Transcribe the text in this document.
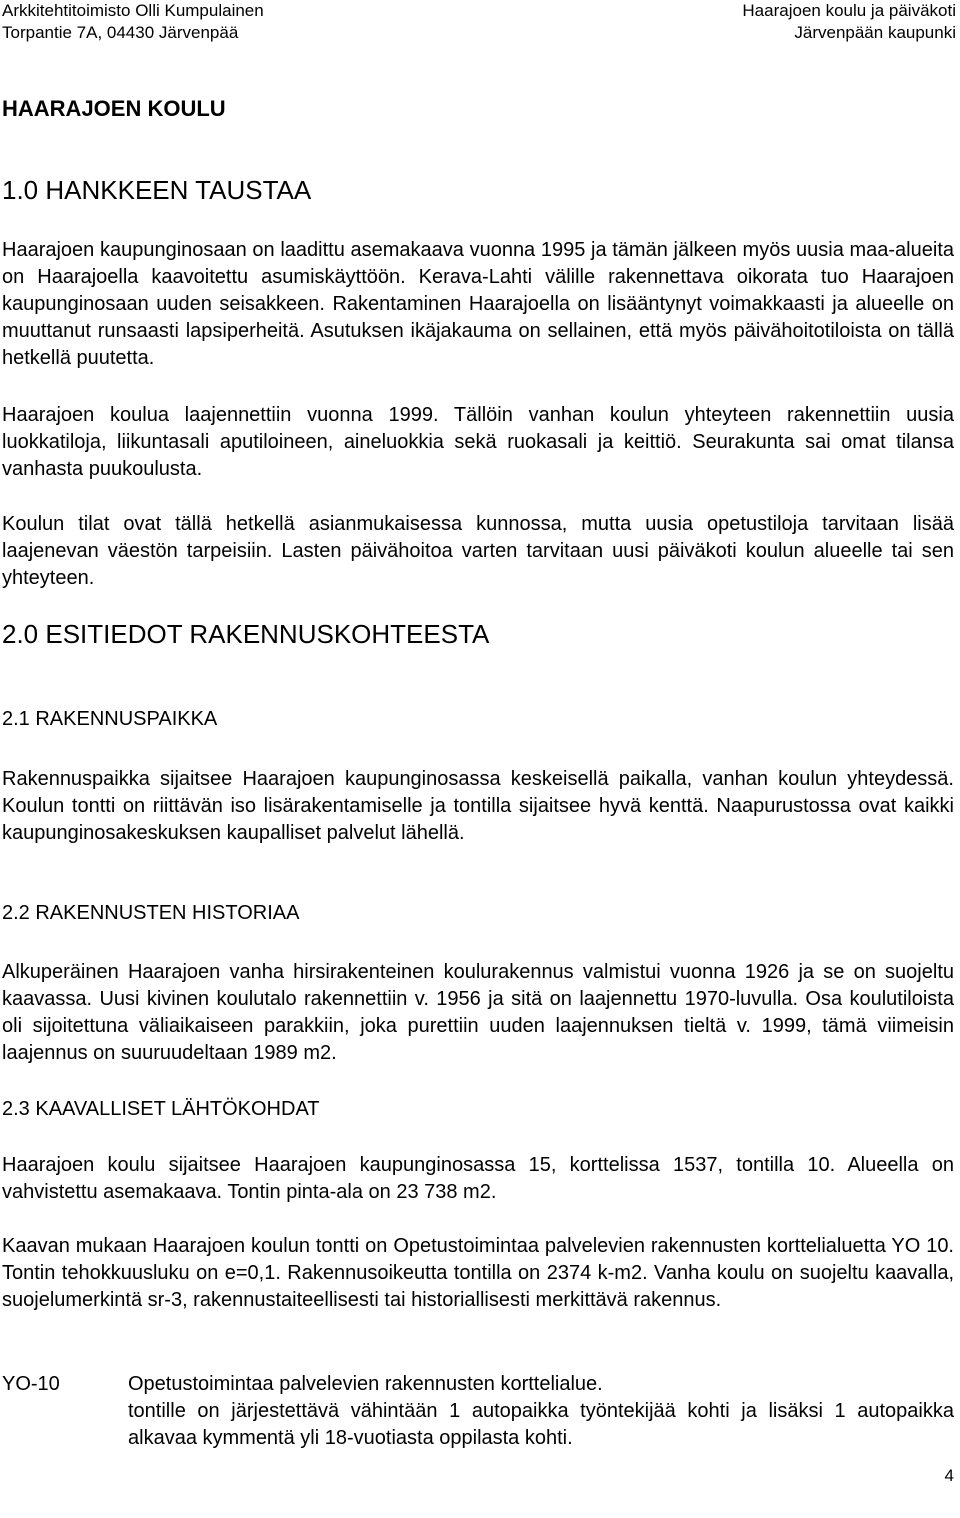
Arkkitehtitoimisto Olli Kumpulainen
Torpantie 7A, 04430 Järvenpää
Haarajoen koulu ja päiväkoti
Järvenpään kaupunki
HAARAJOEN KOULU
1.0 HANKKEEN TAUSTAA

Haarajoen kaupunginosaan on laadittu asemakaava vuonna 1995 ja tämän jälkeen myös uusia maa-alueita on Haarajoella kaavoitettu asumiskäyttöön. Kerava-Lahti välille rakennettava oikorata tuo Haarajoen kaupunginosaan uuden seisakkeen. Rakentaminen Haarajoella on lisääntynyt voimakkaasti ja alueelle on muuttanut runsaasti lapsiperheitä. Asutuksen ikäjakauma on sellainen, että myös päivähoitotiloista on tällä hetkellä puutetta.

Haarajoen koulua laajennettiin vuonna 1999. Tällöin vanhan koulun yhteyteen rakennettiin uusia luokkatiloja, liikuntasali aputiloineen, aineluokkia sekä ruokasali ja keittiö. Seurakunta sai omat tilansa vanhasta puukoulusta.

Koulun tilat ovat tällä hetkellä asianmukaisessa kunnossa, mutta uusia opetustiloja tarvitaan lisää laajenevan väestön tarpeisiin. Lasten päivähoitoa varten tarvitaan uusi päiväkoti koulun alueelle tai sen yhteyteen.

2.0 ESITIEDOT RAKENNUSKOHTEESTA
2.1 RAKENNUSPAIKKA

Rakennuspaikka sijaitsee Haarajoen kaupunginosassa keskeisellä paikalla, vanhan koulun yhteydessä. Koulun tontti on riittävän iso lisärakentamiselle ja tontilla sijaitsee hyvä kenttä. Naapurustossa ovat kaikki kaupunginosakeskuksen kaupalliset palvelut lähellä.

2.2 RAKENNUSTEN HISTORIAA

Alkuperäinen Haarajoen vanha hirsirakenteinen koulurakennus valmistui vuonna 1926 ja se on suojeltu kaavassa. Uusi kivinen koulutalo rakennettiin v. 1956 ja sitä on laajennettu 1970-luvulla. Osa koulutiloista oli sijoitettuna väliaikaiseen parakkiin, joka purettiin uuden laajennuksen tieltä v. 1999, tämä viimeisin laajennus on suuruudeltaan 1989 m2.

2.3 KAAVALLISET LÄHTÖKOHDAT

Haarajoen koulu sijaitsee Haarajoen kaupunginosassa 15, korttelissa 1537, tontilla 10. Alueella on vahvistettu asemakaava. Tontin pinta-ala on 23 738 m2.

Kaavan mukaan Haarajoen koulun tontti on Opetustoimintaa palvelevien rakennusten korttelialuetta YO 10. Tontin tehokkuusluku on e=0,1. Rakennusoikeutta tontilla on 2374 k-m2. Vanha koulu on suojeltu kaavalla, suojelumerkintä sr-3, rakennustaiteellisesti tai historiallisesti merkittävä rakennus.

YO-10	Opetustoimintaa palvelevien rakennusten korttelialue.
tontille on järjestettävä vähintään 1 autopaikka työntekijää kohti ja lisäksi 1 autopaikka alkavaa kymmentä yli 18-vuotiasta oppilasta kohti.
4
